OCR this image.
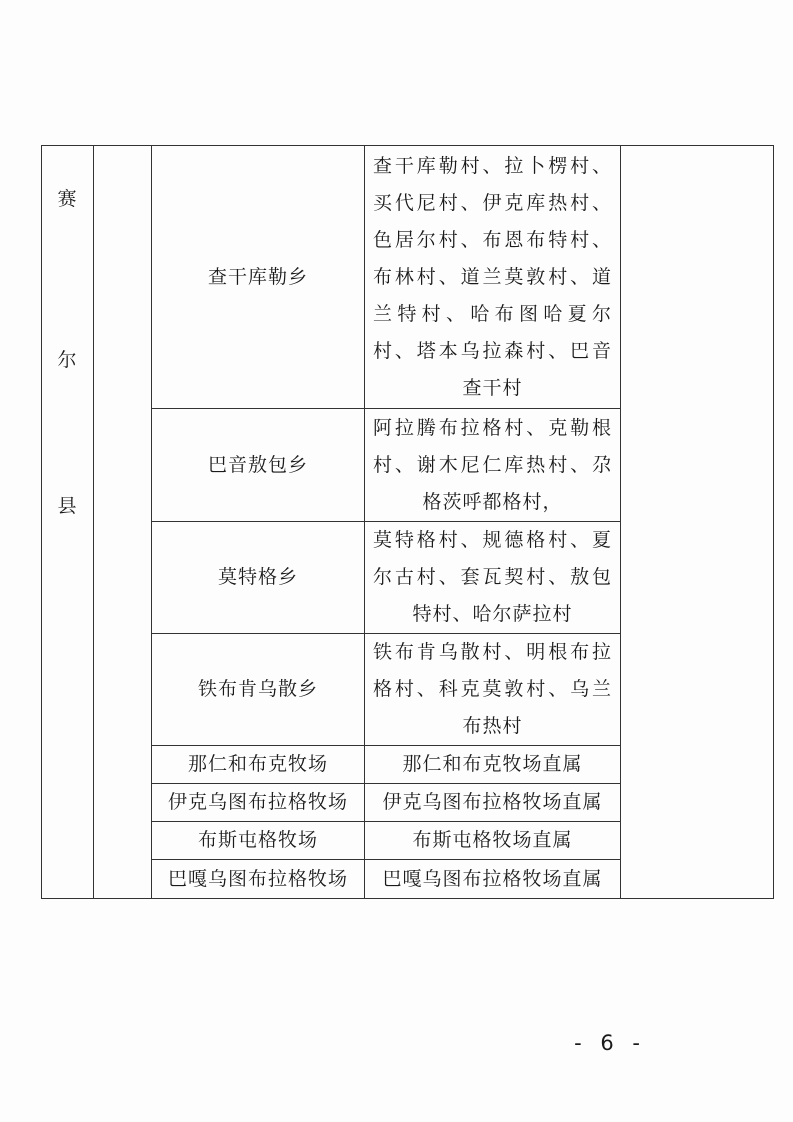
赛
尔
县		查干库勒乡	查干库勒村、拉卜楞村、买代尼村、伊克库热村、色居尔村、布恩布特村、布林村、道兰莫敦村、道兰特村、哈布图哈夏尔村、塔本乌拉森村、巴音查干村	
		巴音敖包乡	阿拉腾布拉格村、克勒根村、谢木尼仁库热村、尕格茨呼都格村，	
		莫特格乡	莫特格村、规德格村、夏尔古村、套瓦契村、敖包特村、哈尔萨拉村	
		铁布肯乌散乡	铁布肯乌散村、明根布拉格村、科克莫敦村、乌兰布热村	
		那仁和布克牧场	那仁和布克牧场直属	
		伊克乌图布拉格牧场	伊克乌图布拉格牧场直属	
		布斯屯格牧场	布斯屯格牧场直属	
		巴嘎乌图布拉格牧场	巴嘎乌图布拉格牧场直属	
- 6 -
